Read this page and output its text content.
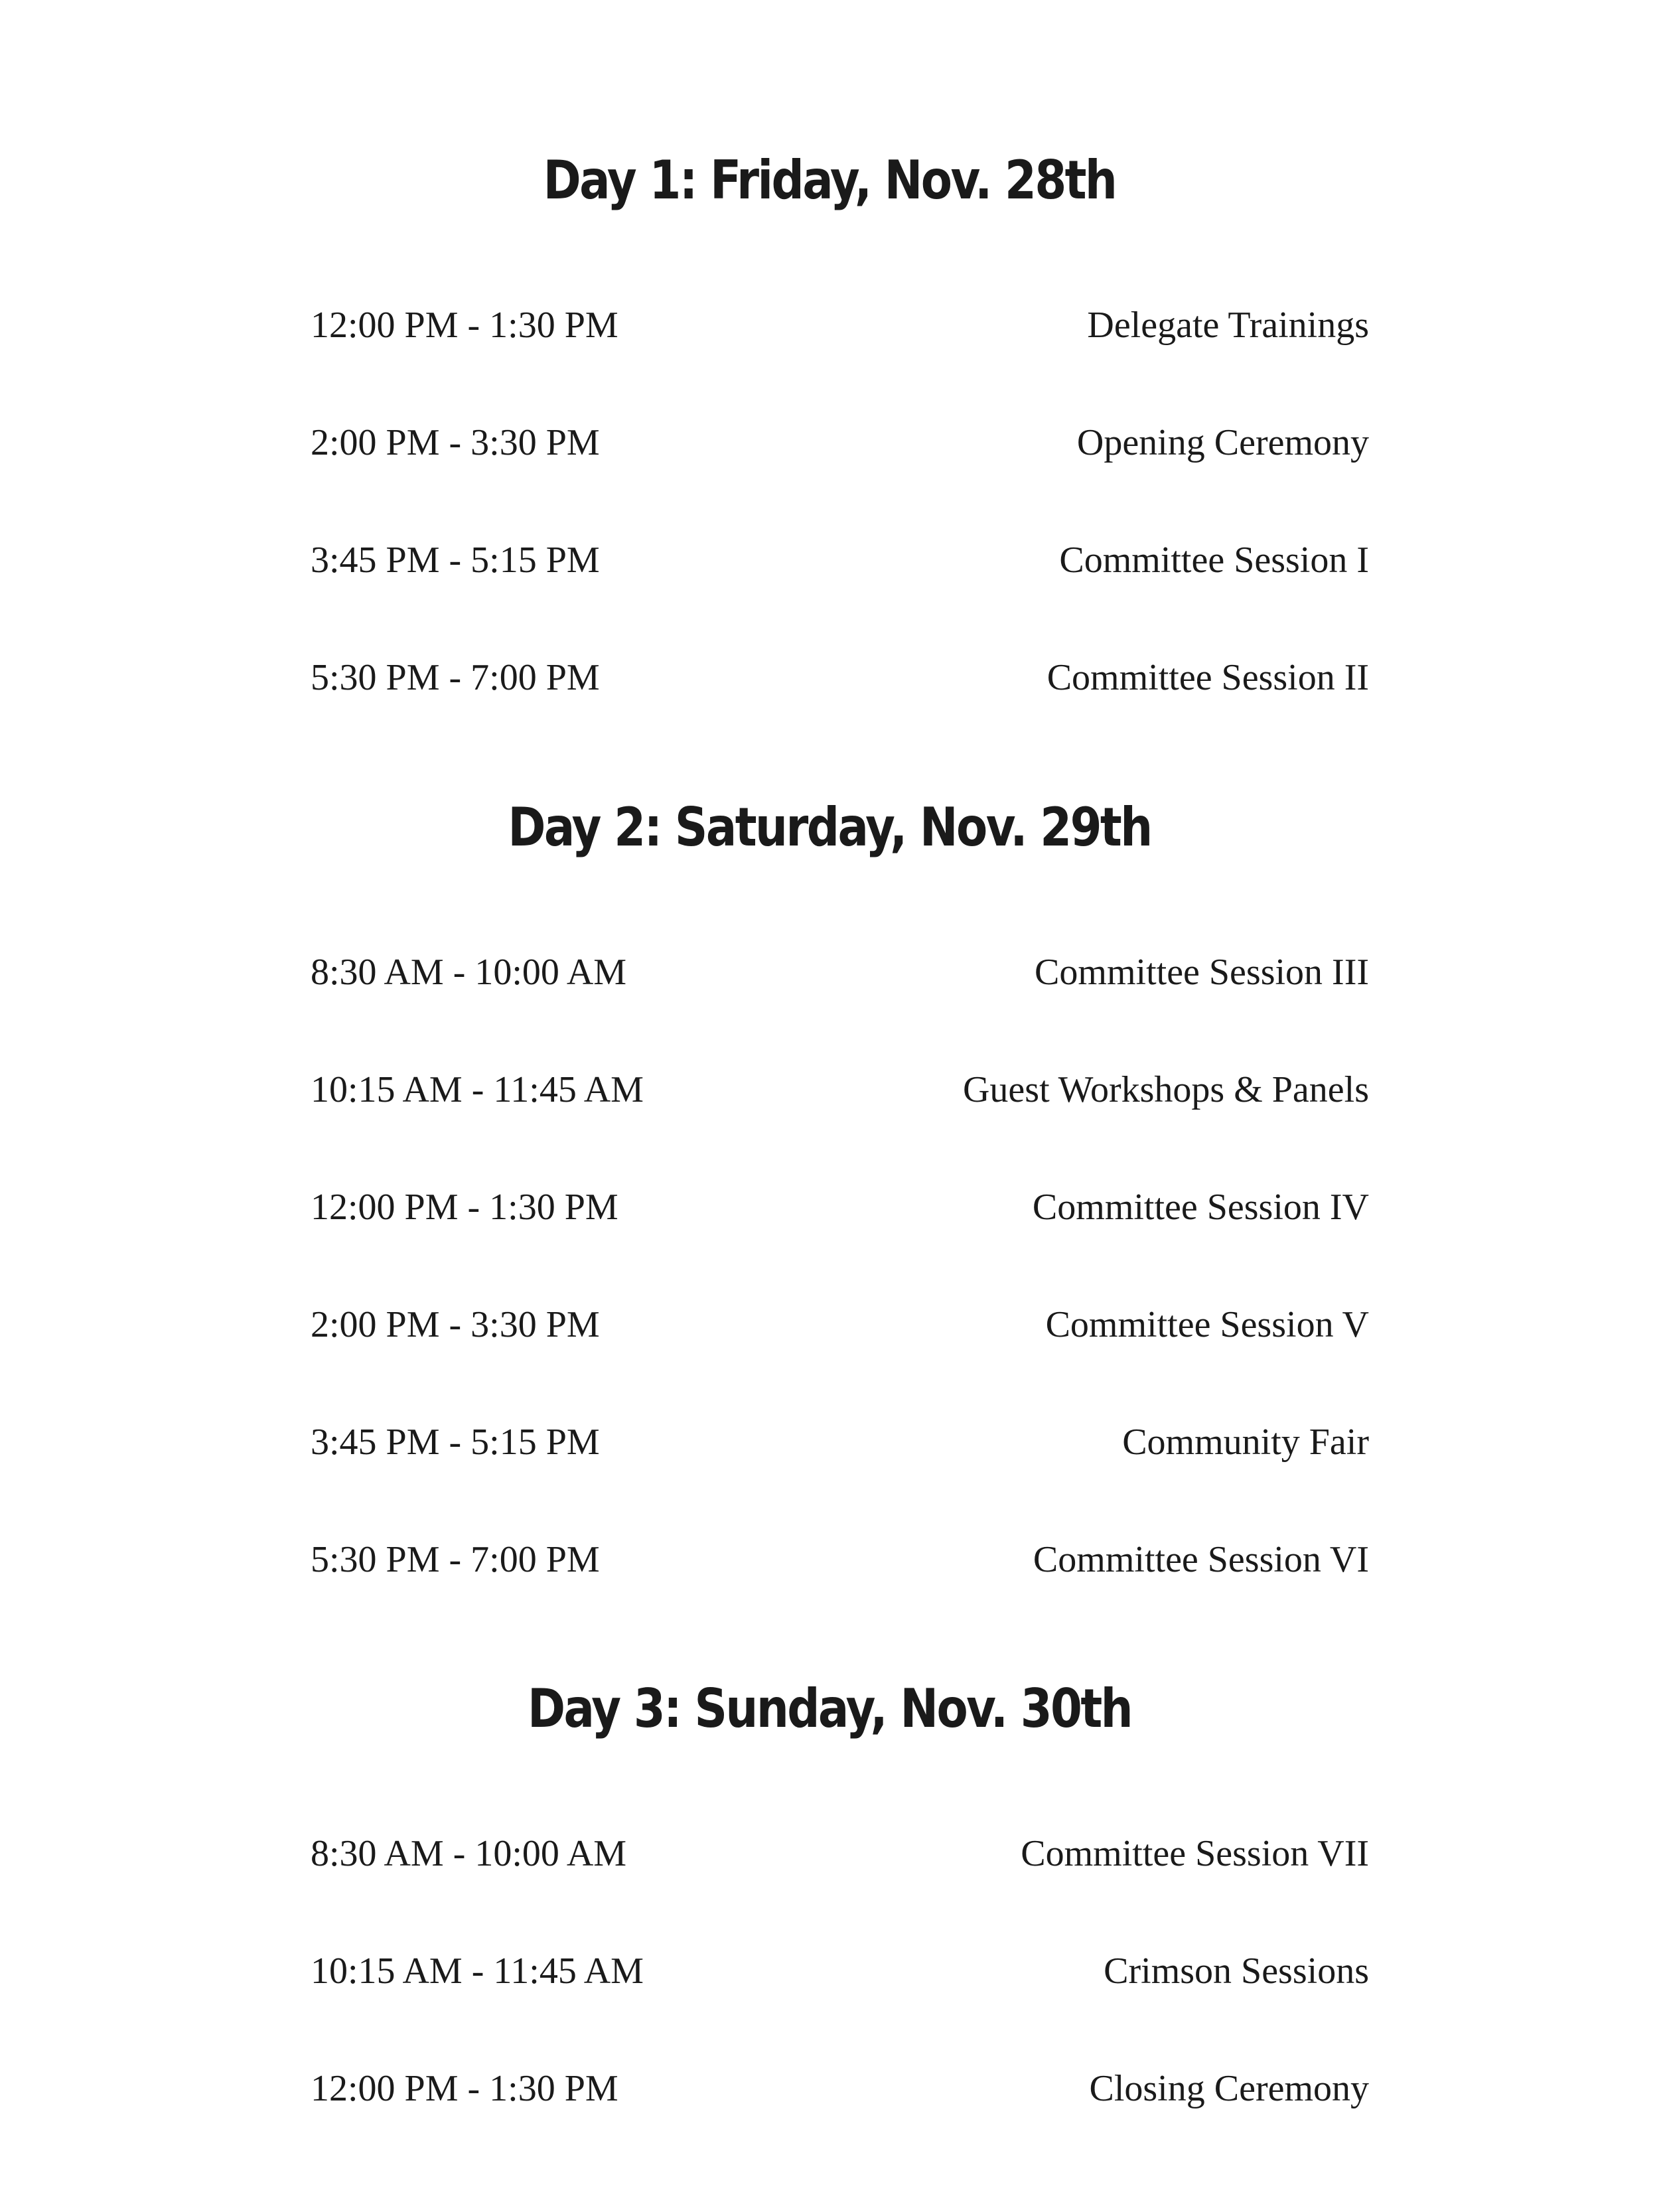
Day 1: Friday, Nov. 28th
12:00 PM - 1:30 PM	Delegate Trainings
2:00 PM - 3:30 PM	Opening Ceremony
3:45 PM - 5:15 PM	Committee Session I
5:30 PM - 7:00 PM	Committee Session II
Day 2: Saturday, Nov. 29th
8:30 AM - 10:00 AM	Committee Session III
10:15 AM - 11:45 AM	Guest Workshops & Panels
12:00 PM - 1:30 PM	Committee Session IV
2:00 PM - 3:30 PM	Committee Session V
3:45 PM - 5:15 PM	Community Fair
5:30 PM - 7:00 PM	Committee Session VI
Day 3: Sunday, Nov. 30th
8:30 AM - 10:00 AM	Committee Session VII
10:15 AM - 11:45 AM	Crimson Sessions
12:00 PM - 1:30 PM	Closing Ceremony
